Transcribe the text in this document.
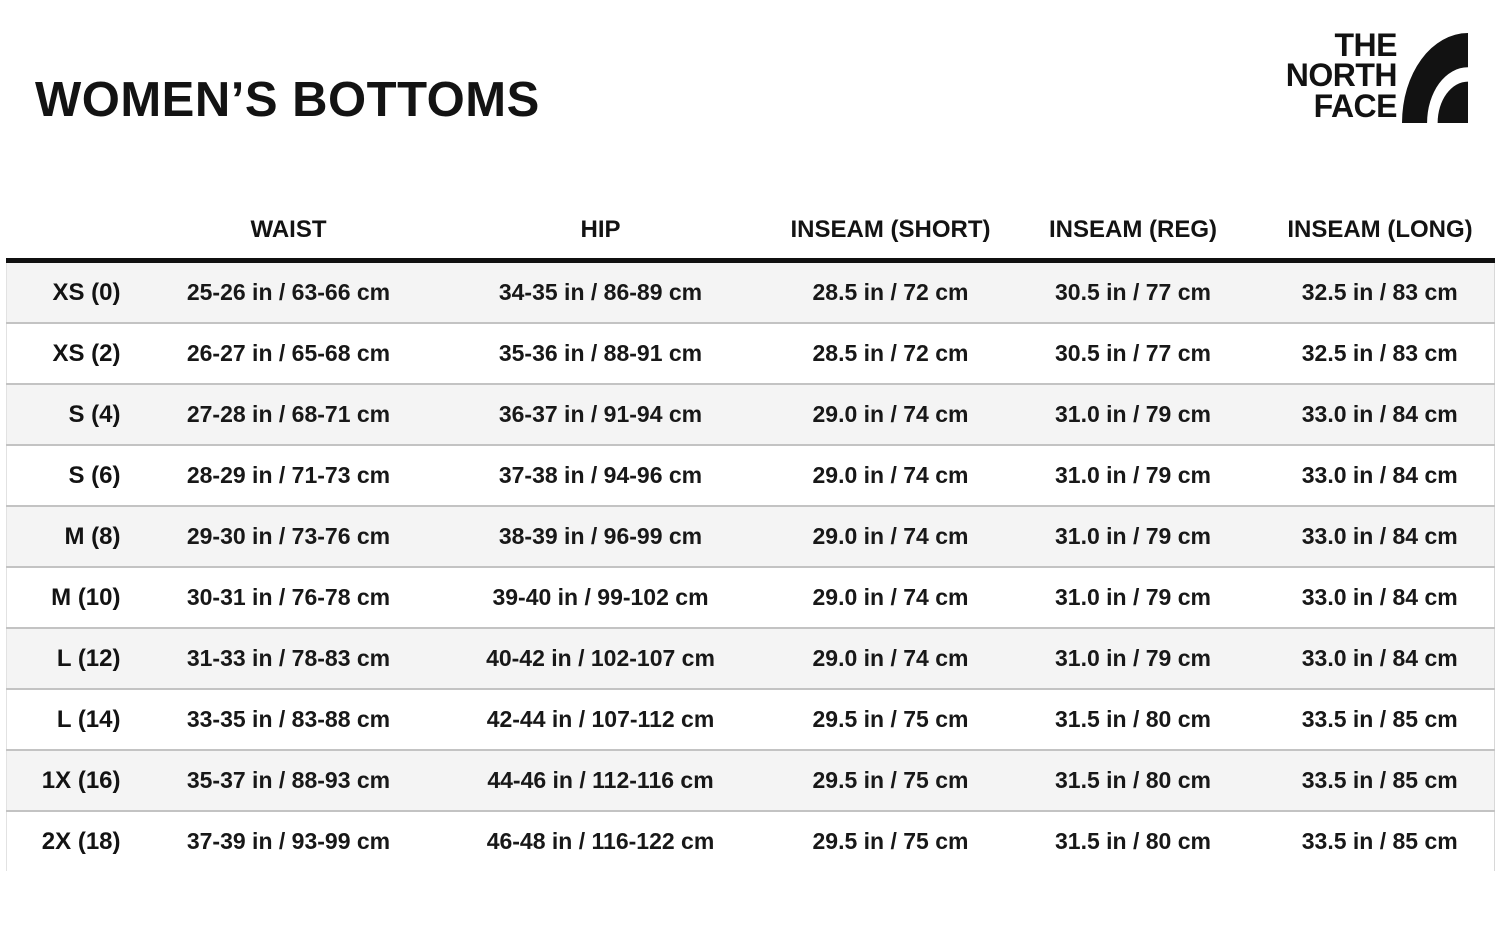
WOMEN’S BOTTOMS
THE
NORTH
FACE
	WAIST	HIP	INSEAM (SHORT)	INSEAM (REG)	INSEAM (LONG)
XS (0)	25-26 in / 63-66 cm	34-35 in / 86-89 cm	28.5 in / 72 cm	30.5 in / 77 cm	32.5 in / 83 cm
XS (2)	26-27 in / 65-68 cm	35-36 in / 88-91 cm	28.5 in / 72 cm	30.5 in / 77 cm	32.5 in / 83 cm
S (4)	27-28 in / 68-71 cm	36-37 in / 91-94 cm	29.0 in / 74 cm	31.0 in / 79 cm	33.0 in / 84 cm
S (6)	28-29 in / 71-73 cm	37-38 in / 94-96 cm	29.0 in / 74 cm	31.0 in / 79 cm	33.0 in / 84 cm
M (8)	29-30 in / 73-76 cm	38-39 in / 96-99 cm	29.0 in / 74 cm	31.0 in / 79 cm	33.0 in / 84 cm
M (10)	30-31 in / 76-78 cm	39-40 in / 99-102 cm	29.0 in / 74 cm	31.0 in / 79 cm	33.0 in / 84 cm
L (12)	31-33 in / 78-83 cm	40-42 in / 102-107 cm	29.0 in / 74 cm	31.0 in / 79 cm	33.0 in / 84 cm
L (14)	33-35 in / 83-88 cm	42-44 in / 107-112 cm	29.5 in / 75 cm	31.5 in / 80 cm	33.5 in / 85 cm
1X (16)	35-37 in / 88-93 cm	44-46 in / 112-116 cm	29.5 in / 75 cm	31.5 in / 80 cm	33.5 in / 85 cm
2X (18)	37-39 in / 93-99 cm	46-48 in / 116-122 cm	29.5 in / 75 cm	31.5 in / 80 cm	33.5 in / 85 cm
